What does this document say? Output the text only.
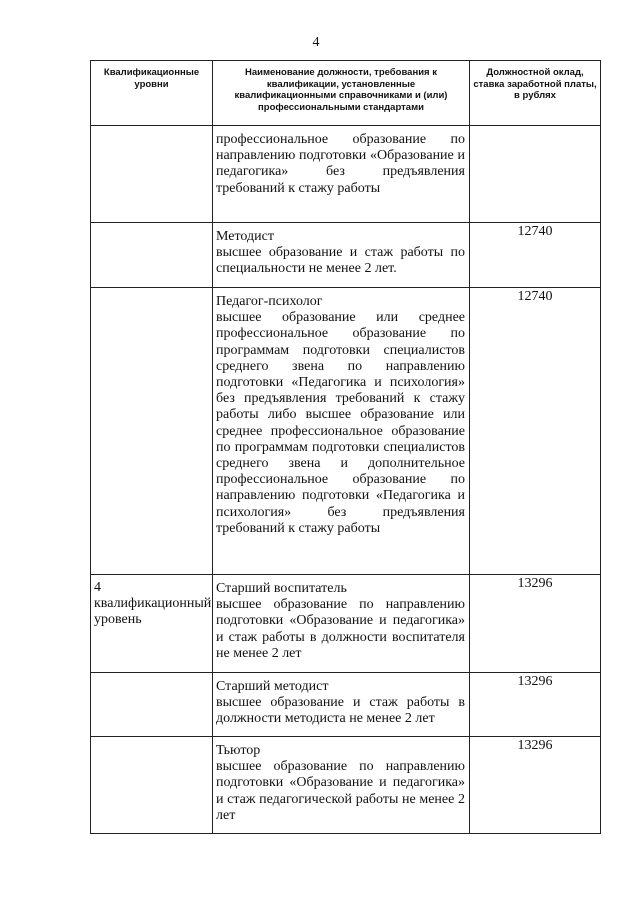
4
Квалификационные уровни	Наименование должности, требования к квалификации, установленные квалификационными справочниками и (или) профессиональными стандартами	Должностной оклад, ставка заработной платы, в рублях

	профессиональное образование по направлению подготовки «Образование и педагогика» без предъявления требований к стажу работы	

	Методист
высшее образование и стаж работы по специальности не менее 2 лет.	12740

	Педагог-психолог
высшее образование или среднее профессиональное образование по программам подготовки специалистов среднего звена по направлению подготовки «Педагогика и психология» без предъявления требований к стажу работы либо высшее образование или среднее профессиональное образование по программам подготовки специалистов среднего звена и дополнительное профессиональное образование по направлению подготовки «Педагогика и психология» без предъявления требований к стажу работы	12740

4
квалификационный уровень	Старший воспитатель
высшее образование по направлению подготовки «Образование и педагогика» и стаж работы в должности воспитателя не менее 2 лет	13296

	Старший методист
высшее образование и стаж работы в должности методиста не менее 2 лет	13296

	Тьютор
высшее образование по направлению подготовки «Образование и педагогика» и стаж педагогической работы не менее 2 лет	13296
